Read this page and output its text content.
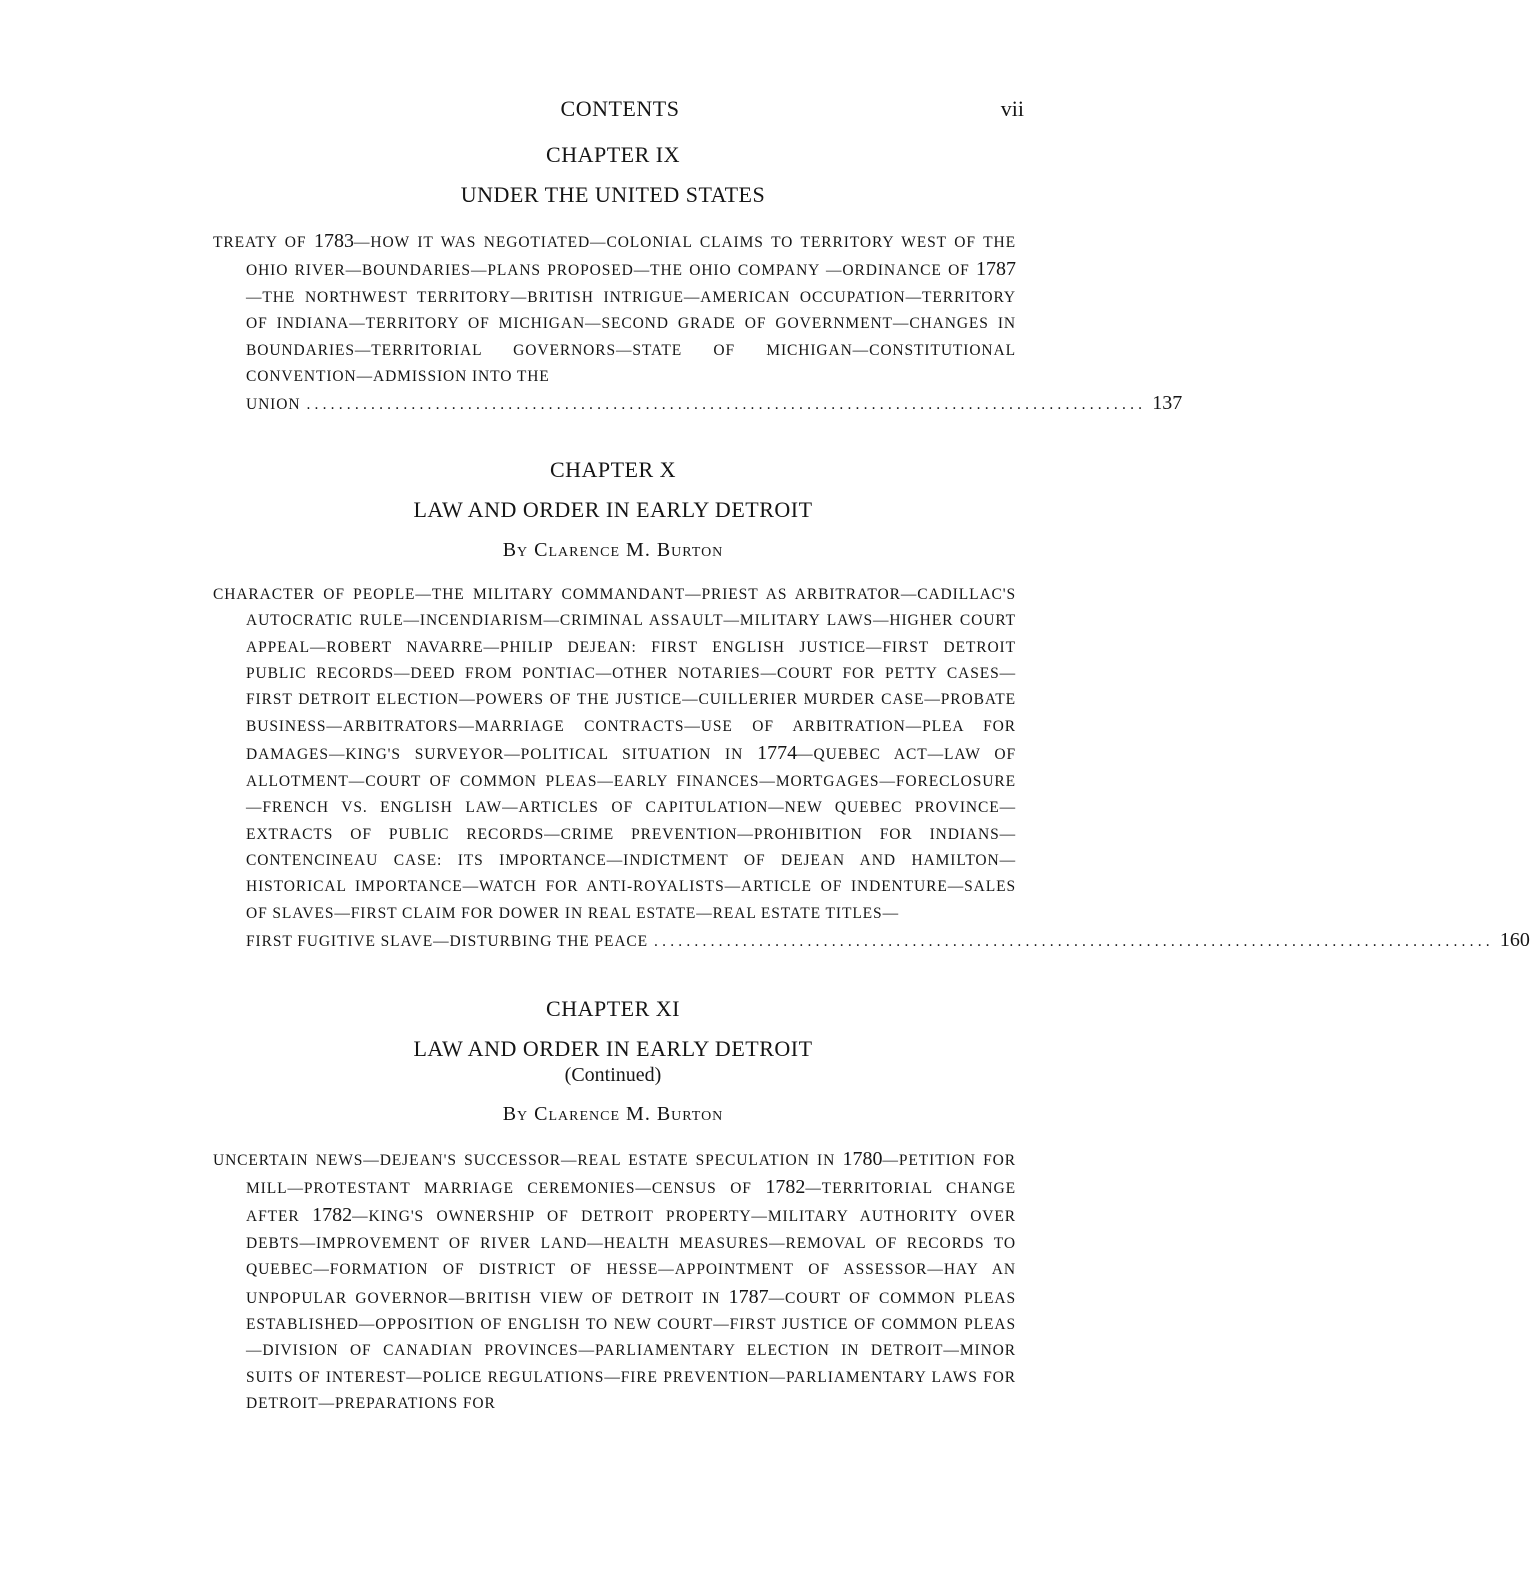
CONTENTS	vii
CHAPTER IX
UNDER THE UNITED STATES
TREATY OF 1783—HOW IT WAS NEGOTIATED—COLONIAL CLAIMS TO TERRITORY WEST OF THE OHIO RIVER—BOUNDARIES—PLANS PROPOSED—THE OHIO COMPANY —ORDINANCE OF 1787—THE NORTHWEST TERRITORY—BRITISH INTRIGUE—AMERICAN OCCUPATION—TERRITORY OF INDIANA—TERRITORY OF MICHIGAN—SECOND GRADE OF GOVERNMENT—CHANGES IN BOUNDARIES—TERRITORIAL GOVERNORS—STATE OF MICHIGAN—CONSTITUTIONAL CONVENTION—ADMISSION INTO THE
UNION ........................................................................................................ 137
CHAPTER X
LAW AND ORDER IN EARLY DETROIT
By Clarence M. Burton
CHARACTER OF PEOPLE—THE MILITARY COMMANDANT—PRIEST AS ARBITRATOR—CADILLAC'S AUTOCRATIC RULE—INCENDIARISM—CRIMINAL ASSAULT—MILITARY LAWS—HIGHER COURT APPEAL—ROBERT NAVARRE—PHILIP DEJEAN: FIRST ENGLISH JUSTICE—FIRST DETROIT PUBLIC RECORDS—DEED FROM PONTIAC—OTHER NOTARIES—COURT FOR PETTY CASES—FIRST DETROIT ELECTION—POWERS OF THE JUSTICE—CUILLERIER MURDER CASE—PROBATE BUSINESS—ARBITRATORS—MARRIAGE CONTRACTS—USE OF ARBITRATION—PLEA FOR DAMAGES—KING'S SURVEYOR—POLITICAL SITUATION IN 1774—QUEBEC ACT—LAW OF ALLOTMENT—COURT OF COMMON PLEAS—EARLY FINANCES—MORTGAGES—FORECLOSURE—FRENCH VS. ENGLISH LAW—ARTICLES OF CAPITULATION—NEW QUEBEC PROVINCE—EXTRACTS OF PUBLIC RECORDS—CRIME PREVENTION—PROHIBITION FOR INDIANS—CONTENCINEAU CASE: ITS IMPORTANCE—INDICTMENT OF DEJEAN AND HAMILTON—HISTORICAL IMPORTANCE—WATCH FOR ANTI-ROYALISTS—ARTICLE OF INDENTURE—SALES OF SLAVES—FIRST CLAIM FOR DOWER IN REAL ESTATE—REAL ESTATE TITLES—
FIRST FUGITIVE SLAVE—DISTURBING THE PEACE ........................................................................................................ 160
CHAPTER XI
LAW AND ORDER IN EARLY DETROIT
(Continued)
By Clarence M. Burton
UNCERTAIN NEWS—DEJEAN'S SUCCESSOR—REAL ESTATE SPECULATION IN 1780—PETITION FOR MILL—PROTESTANT MARRIAGE CEREMONIES—CENSUS OF 1782—TERRITORIAL CHANGE AFTER 1782—KING'S OWNERSHIP OF DETROIT PROPERTY—MILITARY AUTHORITY OVER DEBTS—IMPROVEMENT OF RIVER LAND—HEALTH MEASURES—REMOVAL OF RECORDS TO QUEBEC—FORMATION OF DISTRICT OF HESSE—APPOINTMENT OF ASSESSOR—HAY AN UNPOPULAR GOVERNOR—BRITISH VIEW OF DETROIT IN 1787—COURT OF COMMON PLEAS ESTABLISHED—OPPOSITION OF ENGLISH TO NEW COURT—FIRST JUSTICE OF COMMON PLEAS—DIVISION OF CANADIAN PROVINCES—PARLIAMENTARY ELECTION IN DETROIT—MINOR SUITS OF INTEREST—POLICE REGULATIONS—FIRE PREVENTION—PARLIAMENTARY LAWS FOR DETROIT—PREPARATIONS FOR
